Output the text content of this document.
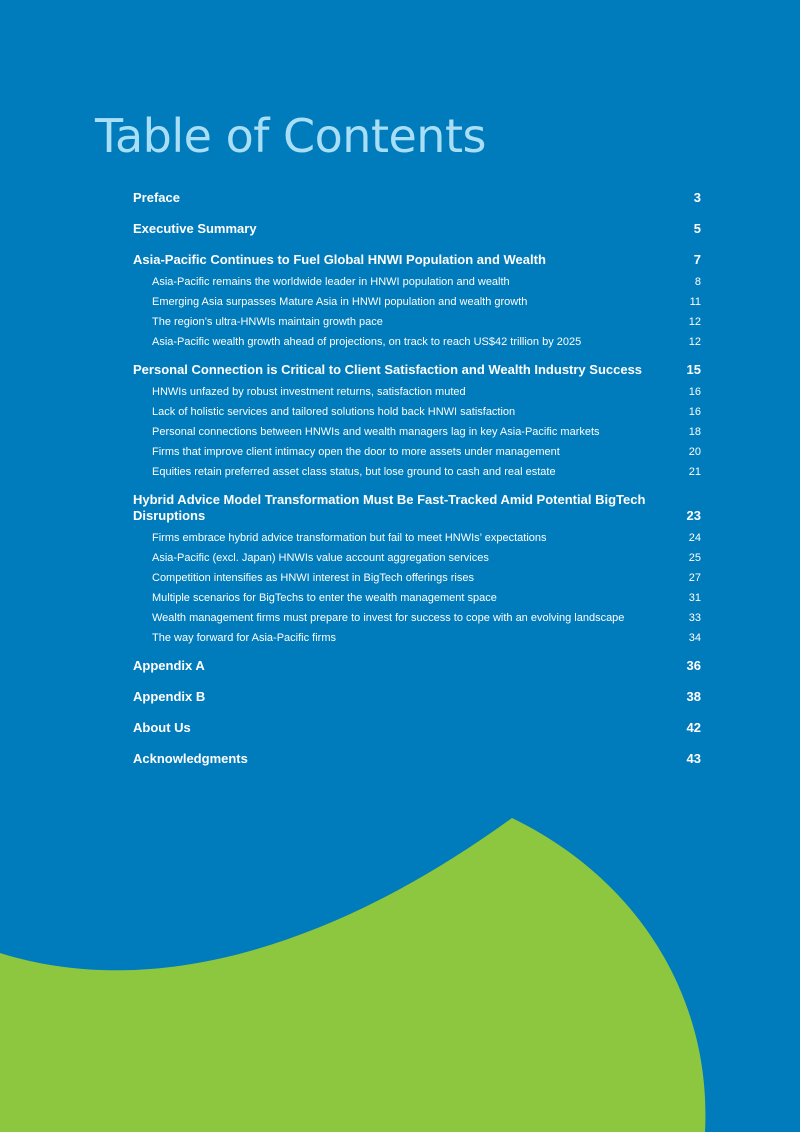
Table of Contents
Preface	3
Executive Summary	5
Asia-Pacific Continues to Fuel Global HNWI Population and Wealth	7
Asia-Pacific remains the worldwide leader in HNWI population and wealth	8
Emerging Asia surpasses Mature Asia in HNWI population and wealth growth	11
The region’s ultra-HNWIs maintain growth pace	12
Asia-Pacific wealth growth ahead of projections, on track to reach US$42 trillion by 2025	12
Personal Connection is Critical to Client Satisfaction and Wealth Industry Success	15
HNWIs unfazed by robust investment returns, satisfaction muted	16
Lack of holistic services and tailored solutions hold back HNWI satisfaction	16
Personal connections between HNWIs and wealth managers lag in key Asia-Pacific markets	18
Firms that improve client intimacy open the door to more assets under management	20
Equities retain preferred asset class status, but lose ground to cash and real estate	21
Hybrid Advice Model Transformation Must Be Fast-Tracked Amid Potential BigTech Disruptions	23
Firms embrace hybrid advice transformation but fail to meet HNWIs’ expectations	24
Asia-Pacific (excl. Japan) HNWIs value account aggregation services	25
Competition intensifies as HNWI interest in BigTech offerings rises	27
Multiple scenarios for BigTechs to enter the wealth management space	31
Wealth management firms must prepare to invest for success to cope with an evolving landscape	33
The way forward for Asia-Pacific firms	34
Appendix A	36
Appendix B	38
About Us	42
Acknowledgments	43
